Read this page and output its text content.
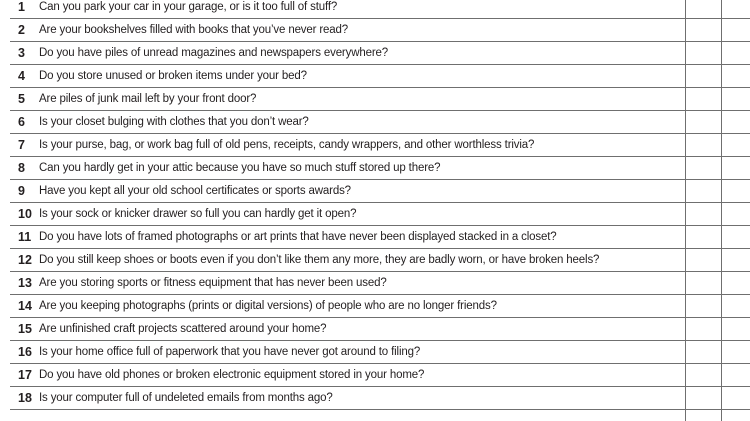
1	Can you park your car in your garage, or is it too full of stuff?
2	Are your bookshelves filled with books that you’ve never read?
3	Do you have piles of unread magazines and newspapers everywhere?
4	Do you store unused or broken items under your bed?
5	Are piles of junk mail left by your front door?
6	Is your closet bulging with clothes that you don’t wear?
7	Is your purse, bag, or work bag full of old pens, receipts, candy wrappers, and other worthless trivia?
8	Can you hardly get in your attic because you have so much stuff stored up there?
9	Have you kept all your old school certificates or sports awards?
10 Is your sock or knicker drawer so full you can hardly get it open?
11 Do you have lots of framed photographs or art prints that have never been displayed stacked in a closet?
12 Do you still keep shoes or boots even if you don’t like them any more, they are badly worn, or have broken heels?
13 Are you storing sports or fitness equipment that has never been used?
14 Are you keeping photographs (prints or digital versions) of people who are no longer friends?
15 Are unfinished craft projects scattered around your home?
16 Is your home office full of paperwork that you have never got around to filing?
17 Do you have old phones or broken electronic equipment stored in your home?
18 Is your computer full of undeleted emails from months ago?
